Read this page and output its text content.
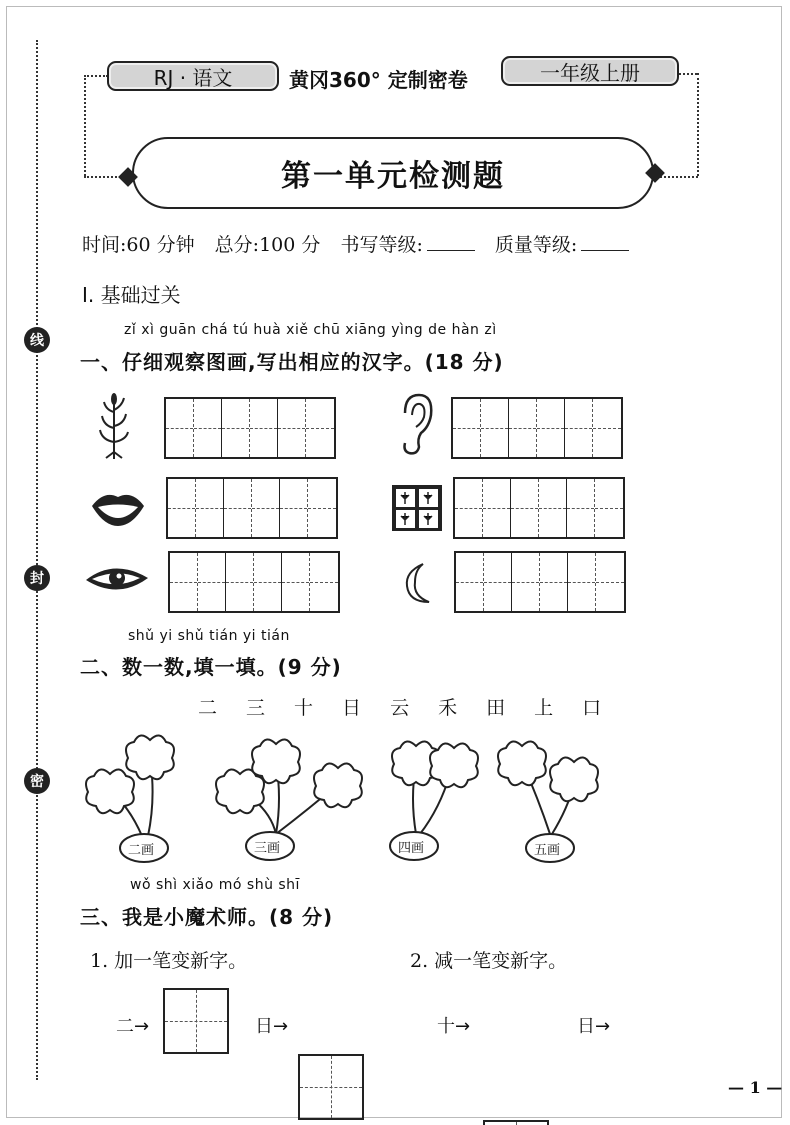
线
封
密
RJ · 语文	黄冈360° 定制密卷	一年级上册
第一单元检测题
时间:60 分钟 总分:100 分 书写等级:	质量等级:
Ⅰ. 基础过关
zǐ xì guān chá tú huà xiě chū xiāng yìng de hàn zì
一、仔细观察图画,写出相应的汉字。(18 分)
shǔ yi shǔ tián yi tián
二、数一数,填一填。(9 分)
二 三 十 日 云 禾 田 上 口
二画	三画	四画	五画
wǒ shì xiǎo mó shù shī
三、我是小魔术师。(8 分)
1. 加一笔变新字。	2. 减一笔变新字。
二→	日→	十→	日→
— 1 —
